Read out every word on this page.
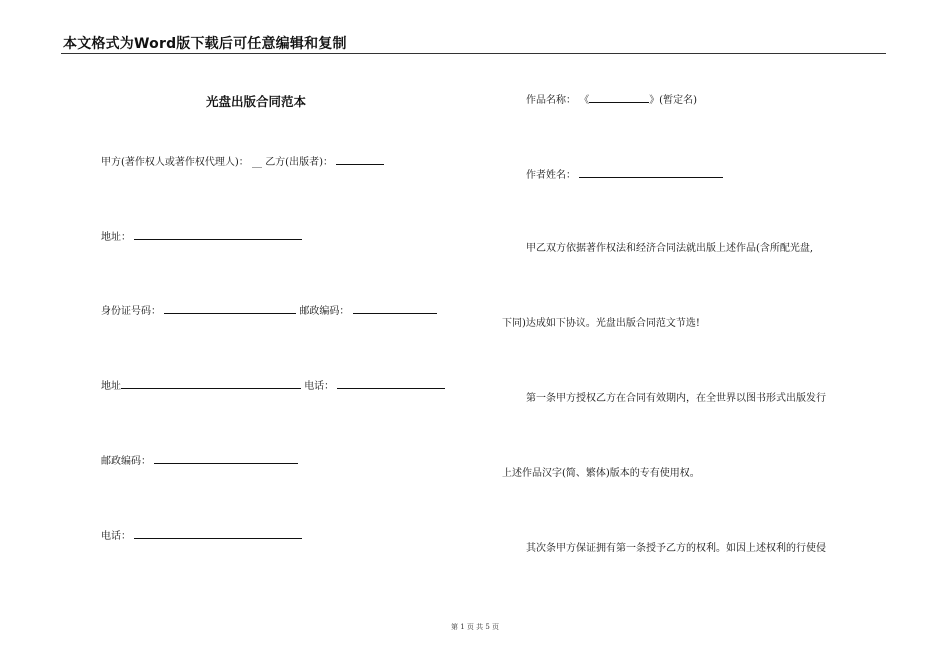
本文格式为Word版下载后可任意编辑和复制
光盘出版合同范本
甲方(著作权人或著作权代理人)： __ 乙方(出版者)：
地址：
身份证号码：	邮政编码：
地址	电话：
邮政编码：
电话：
作品名称： 《	》(暂定名)
作者姓名：
甲乙双方依据著作权法和经济合同法就出版上述作品(含所配光盘,
下同)达成如下协议。光盘出版合同范文节选!
第一条甲方授权乙方在合同有效期内，在全世界以图书形式出版发行
上述作品汉字(简、繁体)版本的专有使用权。
其次条甲方保证拥有第一条授予乙方的权利。如因上述权利的行使侵
第 1 页 共 5 页
